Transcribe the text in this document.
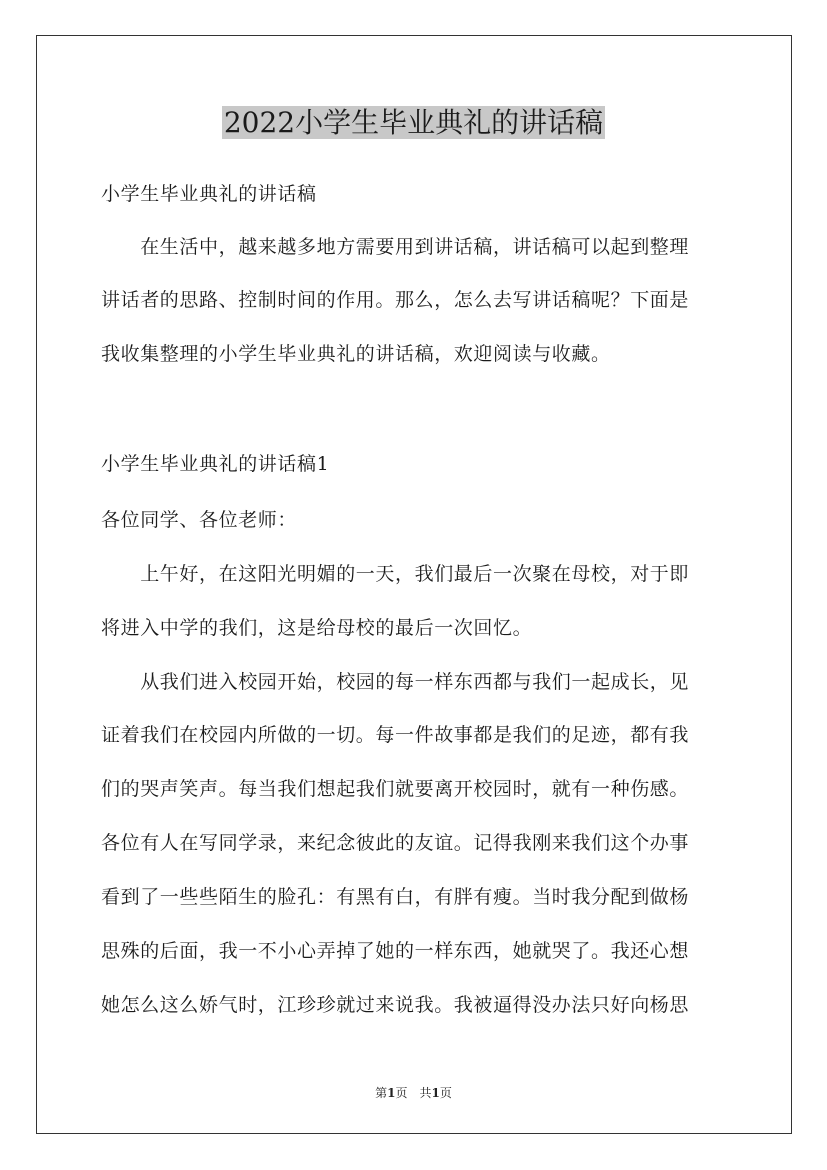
2022小学生毕业典礼的讲话稿
小学生毕业典礼的讲话稿
　　在生活中，越来越多地方需要用到讲话稿，讲话稿可以起到整理
讲话者的思路、控制时间的作用。那么，怎么去写讲话稿呢？下面是
我收集整理的小学生毕业典礼的讲话稿，欢迎阅读与收藏。
小学生毕业典礼的讲话稿1
各位同学、各位老师：
　　上午好，在这阳光明媚的一天，我们最后一次聚在母校，对于即
将进入中学的我们，这是给母校的最后一次回忆。
　　从我们进入校园开始，校园的每一样东西都与我们一起成长，见
证着我们在校园内所做的一切。每一件故事都是我们的足迹，都有我
们的哭声笑声。每当我们想起我们就要离开校园时，就有一种伤感。
各位有人在写同学录，来纪念彼此的友谊。记得我刚来我们这个办事
看到了一些些陌生的脸孔：有黑有白，有胖有瘦。当时我分配到做杨
思殊的后面，我一不小心弄掉了她的一样东西，她就哭了。我还心想
她怎么这么娇气时，江珍珍就过来说我。我被逼得没办法只好向杨思
第1页　共1页
